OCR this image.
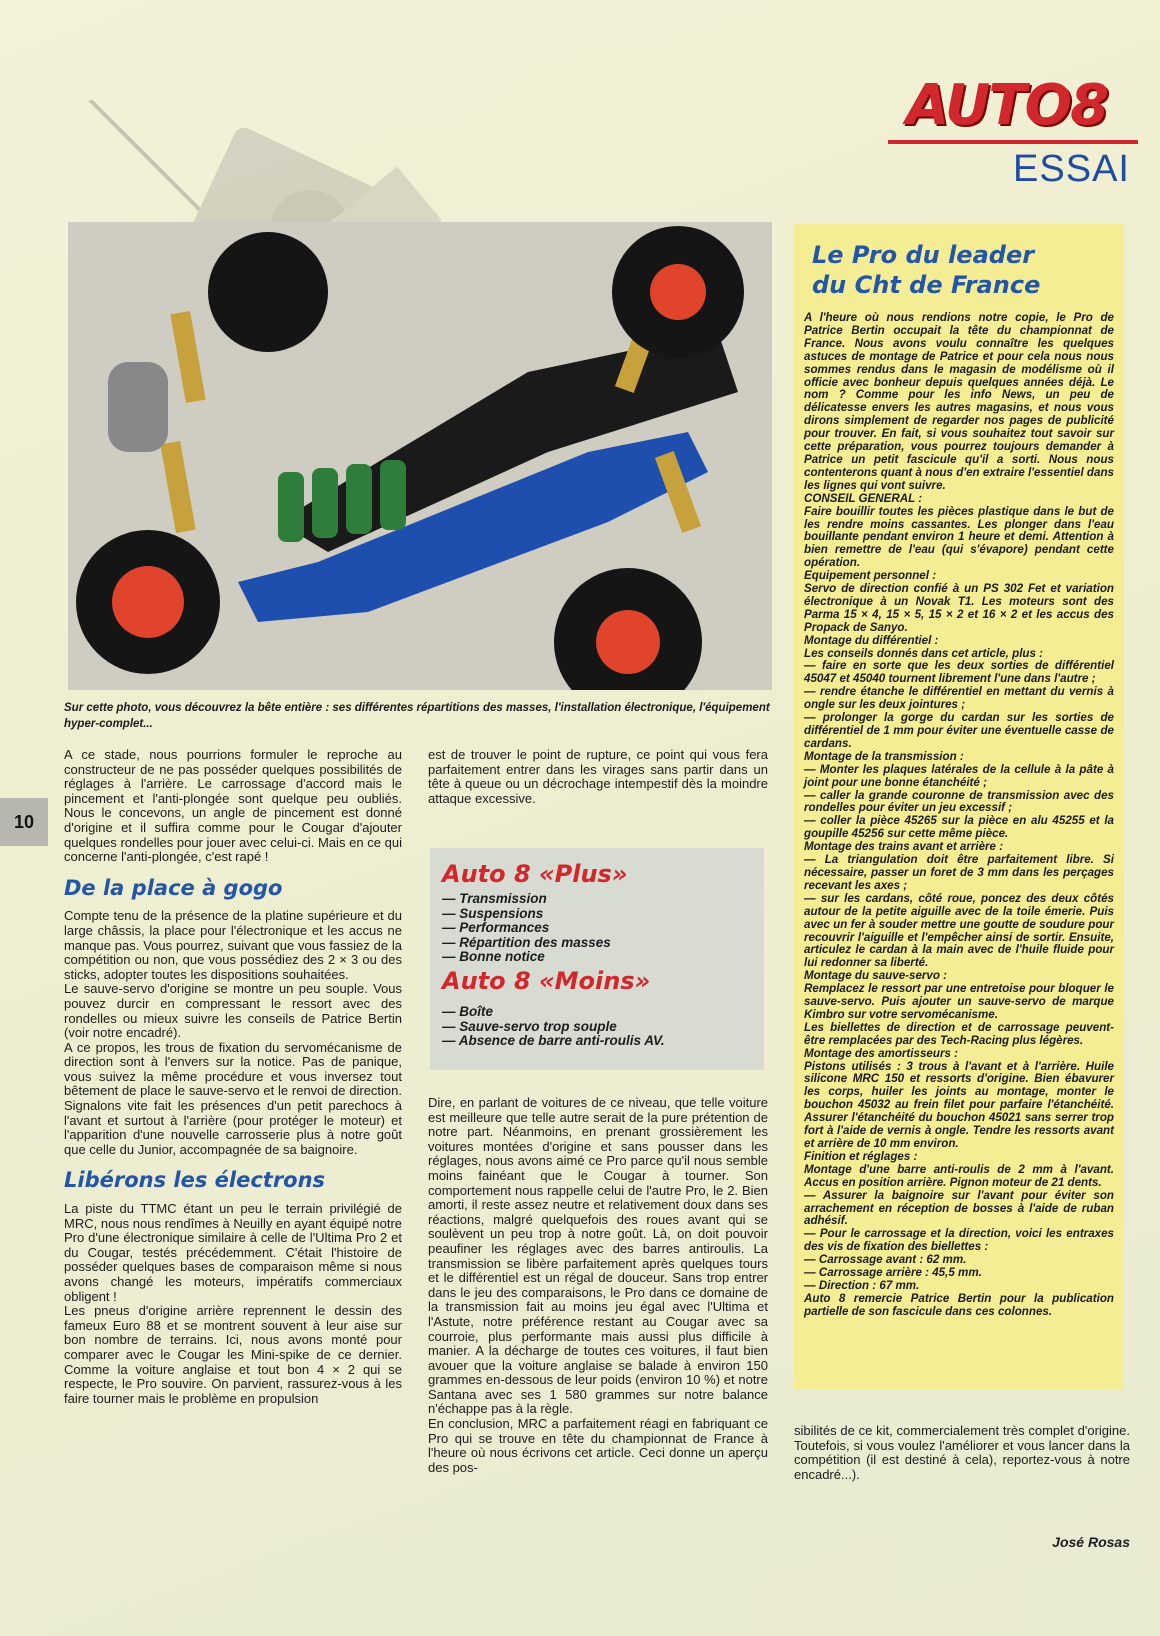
AUTO8
ESSAI
10
Sur cette photo, vous découvrez la bête entière : ses différentes répartitions des masses, l'installation électronique, l'équipement hyper-complet...

A ce stade, nous pourrions formuler le reproche au constructeur de ne pas posséder quelques possibilités de réglages à l'arrière. Le carrossage d'accord mais le pincement et l'anti-plongée sont quelque peu oubliés. Nous le concevons, un angle de pincement est donné d'origine et il suffira comme pour le Cougar d'ajouter quelques rondelles pour jouer avec celui-ci. Mais en ce qui concerne l'anti-plongée, c'est rapé !

De la place à gogo

Compte tenu de la présence de la platine supérieure et du large châssis, la place pour l'électronique et les accus ne manque pas. Vous pourrez, suivant que vous fassiez de la compétition ou non, que vous possédiez des 2 × 3 ou des sticks, adopter toutes les dispositions souhaitées.

Le sauve-servo d'origine se montre un peu souple. Vous pouvez durcir en compressant le ressort avec des rondelles ou mieux suivre les conseils de Patrice Bertin (voir notre encadré).

A ce propos, les trous de fixation du servomécanisme de direction sont à l'envers sur la notice. Pas de panique, vous suivez la même procédure et vous inversez tout bêtement de place le sauve-servo et le renvoi de direction. Signalons vite fait les présences d'un petit parechocs à l'avant et surtout à l'arrière (pour protéger le moteur) et l'apparition d'une nouvelle carrosserie plus à notre goût que celle du Junior, accompagnée de sa baignoire.

Libérons les électrons

La piste du TTMC étant un peu le terrain privilégié de MRC, nous nous rendîmes à Neuilly en ayant équipé notre Pro d'une électronique similaire à celle de l'Ultima Pro 2 et du Cougar, testés précédemment. C'était l'histoire de posséder quelques bases de comparaison même si nous avons changé les moteurs, impératifs commerciaux obligent !

Les pneus d'origine arrière reprennent le dessin des fameux Euro 88 et se montrent souvent à leur aise sur bon nombre de terrains. Ici, nous avons monté pour comparer avec le Cougar les Mini-spike de ce dernier. Comme la voiture anglaise et tout bon 4 × 2 qui se respecte, le Pro souvire. On parvient, rassurez-vous à les faire tourner mais le problème en propulsion

est de trouver le point de rupture, ce point qui vous fera parfaitement entrer dans les virages sans partir dans un tête à queue ou un décrochage intempestif dès la moindre attaque excessive.

Auto 8 «Plus»
— Transmission
— Suspensions
— Performances
— Répartition des masses
— Bonne notice
Auto 8 «Moins»
— Boîte
— Sauve-servo trop souple
— Absence de barre anti-roulis AV.

Dire, en parlant de voitures de ce niveau, que telle voiture est meilleure que telle autre serait de la pure prétention de notre part. Néanmoins, en prenant grossièrement les voitures montées d'origine et sans pousser dans les réglages, nous avons aimé ce Pro parce qu'il nous semble moins fainéant que le Cougar à tourner. Son comportement nous rappelle celui de l'autre Pro, le 2. Bien amorti, il reste assez neutre et relativement doux dans ses réactions, malgré quelquefois des roues avant qui se soulèvent un peu trop à notre goût. Là, on doit pouvoir peaufiner les réglages avec des barres antiroulis. La transmission se libère parfaitement après quelques tours et le différentiel est un régal de douceur. Sans trop entrer dans le jeu des comparaisons, le Pro dans ce domaine de la transmission fait au moins jeu égal avec l'Ultima et l'Astute, notre préférence restant au Cougar avec sa courroie, plus performante mais aussi plus difficile à manier. A la décharge de toutes ces voitures, il faut bien avouer que la voiture anglaise se balade à environ 150 grammes en-dessous de leur poids (environ 10 %) et notre Santana avec ses 1 580 grammes sur notre balance n'échappe pas à la règle.

En conclusion, MRC a parfaitement réagi en fabriquant ce Pro qui se trouve en tête du championnat de France à l'heure où nous écrivons cet article. Ceci donne un aperçu des pos-

Le Pro du leader
du Cht de France

A l'heure où nous rendions notre copie, le Pro de Patrice Bertin occupait la tête du championnat de France. Nous avons voulu connaître les quelques astuces de montage de Patrice et pour cela nous nous sommes rendus dans le magasin de modélisme où il officie avec bonheur depuis quelques années déjà. Le nom ? Comme pour les info News, un peu de délicatesse envers les autres magasins, et nous vous dirons simplement de regarder nos pages de publicité pour trouver. En fait, si vous souhaitez tout savoir sur cette préparation, vous pourrez toujours demander à Patrice un petit fascicule qu'il a sorti. Nous nous contenterons quant à nous d'en extraire l'essentiel dans les lignes qui vont suivre.

CONSEIL GENERAL :

Faire bouillir toutes les pièces plastique dans le but de les rendre moins cassantes. Les plonger dans l'eau bouillante pendant environ 1 heure et demi. Attention à bien remettre de l'eau (qui s'évapore) pendant cette opération.

Equipement personnel :

Servo de direction confié à un PS 302 Fet et variation électronique à un Novak T1. Les moteurs sont des Parma 15 × 4, 15 × 5, 15 × 2 et 16 × 2 et les accus des Propack de Sanyo.

Montage du différentiel :

Les conseils donnés dans cet article, plus :

— faire en sorte que les deux sorties de différentiel 45047 et 45040 tournent librement l'une dans l'autre ;

— rendre étanche le différentiel en mettant du vernis à ongle sur les deux jointures ;

— prolonger la gorge du cardan sur les sorties de différentiel de 1 mm pour éviter une éventuelle casse de cardans.

Montage de la transmission :

— Monter les plaques latérales de la cellule à la pâte à joint pour une bonne étanchéité ;

— caller la grande couronne de transmission avec des rondelles pour éviter un jeu excessif ;

— coller la pièce 45265 sur la pièce en alu 45255 et la goupille 45256 sur cette même pièce.

Montage des trains avant et arrière :

— La triangulation doit être parfaitement libre. Si nécessaire, passer un foret de 3 mm dans les perçages recevant les axes ;

— sur les cardans, côté roue, poncez des deux côtés autour de la petite aiguille avec de la toile émerie. Puis avec un fer à souder mettre une goutte de soudure pour recouvrir l'aiguille et l'empêcher ainsi de sortir. Ensuite, articulez le cardan à la main avec de l'huile fluide pour lui redonner sa liberté.

Montage du sauve-servo :

Remplacez le ressort par une entretoise pour bloquer le sauve-servo. Puis ajouter un sauve-servo de marque Kimbro sur votre servomécanisme.

Les biellettes de direction et de carrossage peuvent-être remplacées par des Tech-Racing plus légères.

Montage des amortisseurs :

Pistons utilisés : 3 trous à l'avant et à l'arrière. Huile silicone MRC 150 et ressorts d'origine. Bien ébavurer les corps, huiler les joints au montage, monter le bouchon 45032 au frein filet pour parfaire l'étanchéité. Assurer l'étanchéité du bouchon 45021 sans serrer trop fort à l'aide de vernis à ongle. Tendre les ressorts avant et arrière de 10 mm environ.

Finition et réglages :

Montage d'une barre anti-roulis de 2 mm à l'avant. Accus en position arrière. Pignon moteur de 21 dents.

— Assurer la baignoire sur l'avant pour éviter son arrachement en réception de bosses à l'aide de ruban adhésif.

— Pour le carrossage et la direction, voici les entraxes des vis de fixation des biellettes :

— Carrossage avant : 62 mm.

— Carrossage arrière : 45,5 mm.

— Direction : 67 mm.

Auto 8 remercie Patrice Bertin pour la publication partielle de son fascicule dans ces colonnes.

sibilités de ce kit, commercialement très complet d'origine. Toutefois, si vous voulez l'améliorer et vous lancer dans la compétition (il est destiné à cela), reportez-vous à notre encadré...).

José Rosas
